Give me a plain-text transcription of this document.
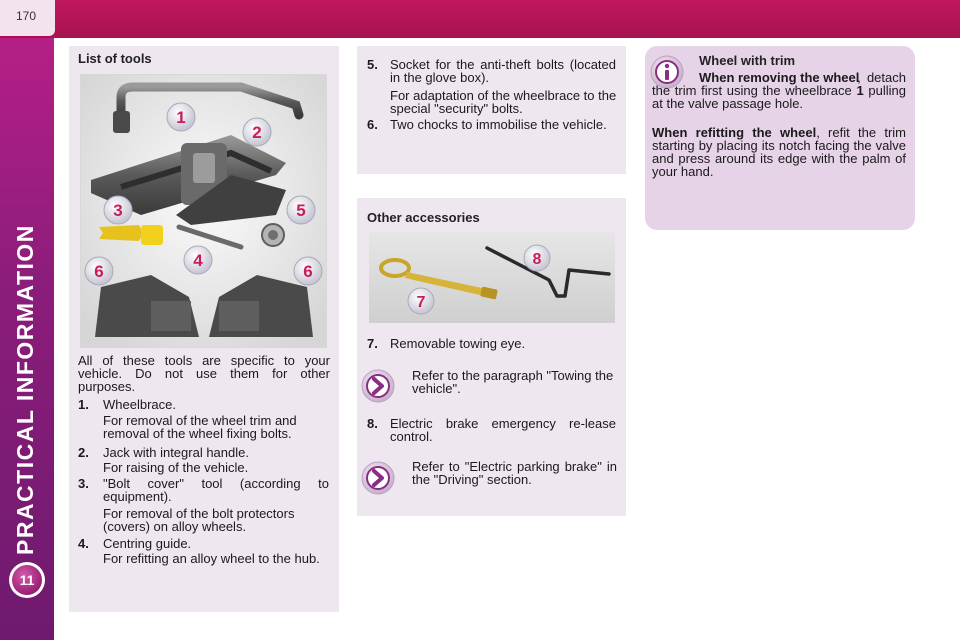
170
PRACTICAL INFORMATION
11
List of tools
1
2
3
4
5
6	6
All of these tools are specific to your vehicle. Do not use them for other purposes.
1. Wheelbrace.
For removal of the wheel trim and removal of the wheel fixing bolts.
2. Jack with integral handle.
For raising of the vehicle.
3. "Bolt cover" tool (according to equipment).
For removal of the bolt protectors (covers) on alloy wheels.
4. Centring guide.
For refitting an alloy wheel to the hub.
5. Socket for the anti-theft bolts (located in the glove box).
For adaptation of the wheelbrace to the special "security" bolts.
6. Two chocks to immobilise the vehicle.
Other accessories
8
7
7. Removable towing eye.
Refer to the paragraph "Towing the vehicle".
8. Electric brake emergency re-lease control.
Refer to "Electric parking brake" in the "Driving" section.
Wheel with trim
When removing the wheel
, detach the trim first using the wheelbrace 1 pulling at the valve passage hole.
When refitting the wheel, refit the trim starting by placing its notch facing the valve and press around its edge with the palm of your hand.
